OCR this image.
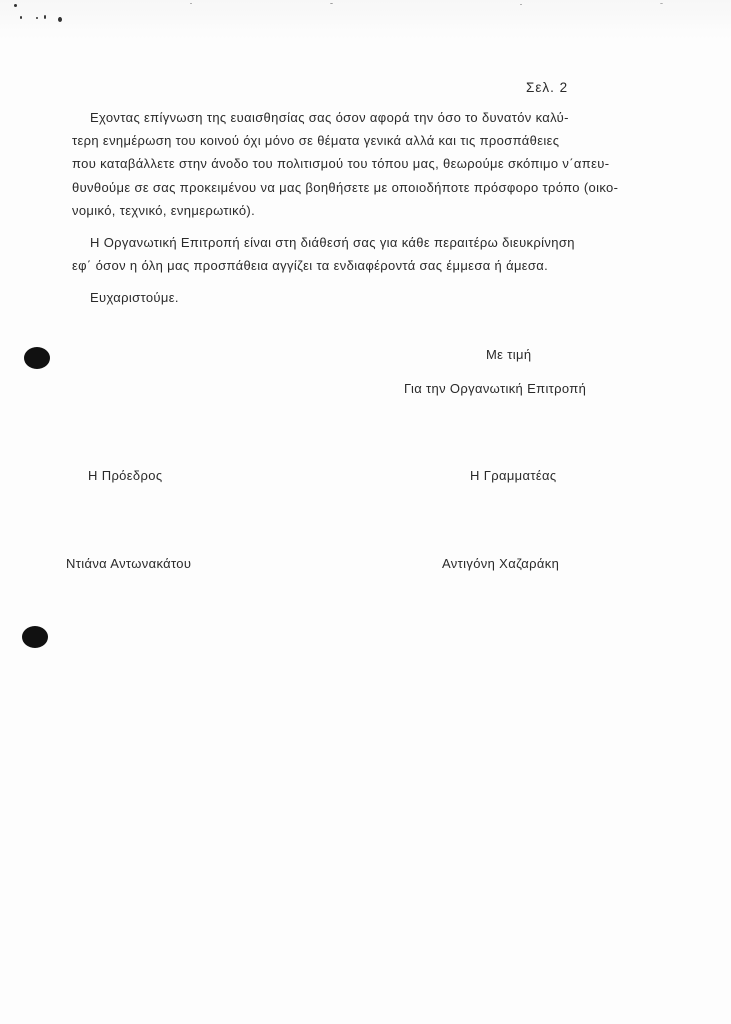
Σελ. 2
Εχοντας επίγνωση της ευαισθησίας σας όσον αφορά την όσο το δυνατόν καλύ-
τερη ενημέρωση του κοινού όχι μόνο σε θέματα γενικά αλλά και τις προσπάθειες
που καταβάλλετε στην άνοδο του πολιτισμού του τόπου μας, θεωρούμε σκόπιμο ν΄απευ-
θυνθούμε σε σας προκειμένου να μας βοηθήσετε με οποιοδήποτε πρόσφορο τρόπο (οικο-
νομικό, τεχνικό, ενημερωτικό).
Η Οργανωτική Επιτροπή είναι στη διάθεσή σας για κάθε περαιτέρω διευκρίνηση
εφ΄ όσον η όλη μας προσπάθεια αγγίζει τα ενδιαφέροντά σας έμμεσα ή άμεσα.
Ευχαριστούμε.
Με τιμή
Για την Οργανωτική Επιτροπή
Η Πρόεδρος	Η Γραμματέας
Ντιάνα Αντωνακάτου	Αντιγόνη Χαζαράκη
